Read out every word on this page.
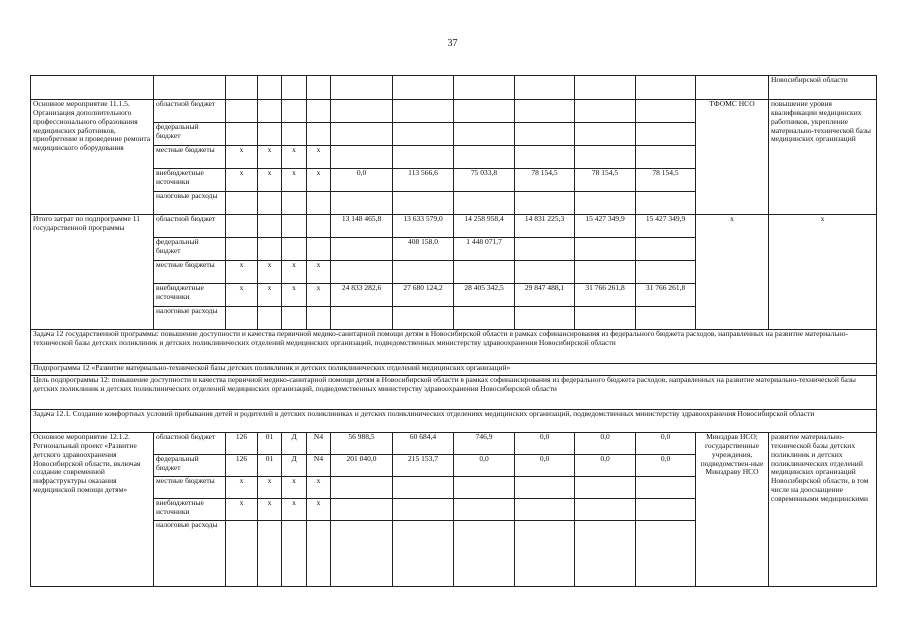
37
													Новосибирской области
Основное мероприятие 11.1.5. Организация дополнительного профессионального образования медицинских работников, приобретение и проведение ремонта медицинского оборудования	областной бюджет											ТФОМС НСО	повышение уровня квалификации медицинских работников, укрепление материально-технической базы медицинских организаций
	федеральный бюджет												
	местные бюджеты	x	x	x	x								
	внебюджетные источники	x	x	x	x	0,0	113 566,6	75 033,8	78 154,5	78 154,5	78 154,5		
	налоговые расходы												
Итого затрат по подпрограмме 11 государственной программы	областной бюджет					13 148 465,8	13 633 579,0	14 258 958,4	14 831 225,3	15 427 349,9	15 427 349,9	x	x
	федеральный бюджет						408 158,0	1 448 071,7					
	местные бюджеты	x	x	x	x								
	внебюджетные источники	x	x	x	x	24 833 282,6	27 680 124,2	28 405 342,5	29 847 488,1	31 766 261,8	31 766 261,8		
	налоговые расходы												
Задача 12 государственной программы: повышение доступности и качества первичной медико-санитарной помощи детям в Новосибирской области в рамках софинансирования из федерального бюджета расходов, направленных на развитие материально-технической базы детских поликлиник и детских поликлинических отделений медицинских организаций, подведомственных министерству здравоохранения Новосибирской области													
Подпрограмма 12 «Развитие материально-технической базы детских поликлиник и детских поликлинических отделений медицинских организаций»													
Цель подпрограммы 12: повышение доступности и качества первичной медико-санитарной помощи детям в Новосибирской области в рамках софинансирования из федерального бюджета расходов, направленных на развитие материально-технической базы детских поликлиник и детских поликлинических отделений медицинских организаций, подведомственных министерству здравоохранения Новосибирской области													
Задача 12.1. Создание комфортных условий пребывания детей и родителей в детских поликлиниках и детских поликлинических отделениях медицинских организаций, подведомственных министерству здравоохранения Новосибирской области													
Основное мероприятие 12.1.2. Региональный проект «Развитие детского здравоохранения Новосибирской области, включая создание современной инфраструктуры оказания медицинской помощи детям»	областной бюджет	126	01	Д	N4	56 988,5	60 684,4	746,9	0,0	0,0	0,0	Минздрав НСО; государственные учреждения, подведомствен-ные Минздраву НСО	развитие материально-технической базы детских поликлиник и детских поликлинических отделений медицинских организаций Новосибирской области, в том числе на дооснащение современными медицинскими
	федеральный бюджет	126	01	Д	N4	201 040,0	215 153,7	0,0	0,0	0,0	0,0		
	местные бюджеты	x	x	x	x								
	внебюджетные источники	x	x	x	x								
	налоговые расходы												
